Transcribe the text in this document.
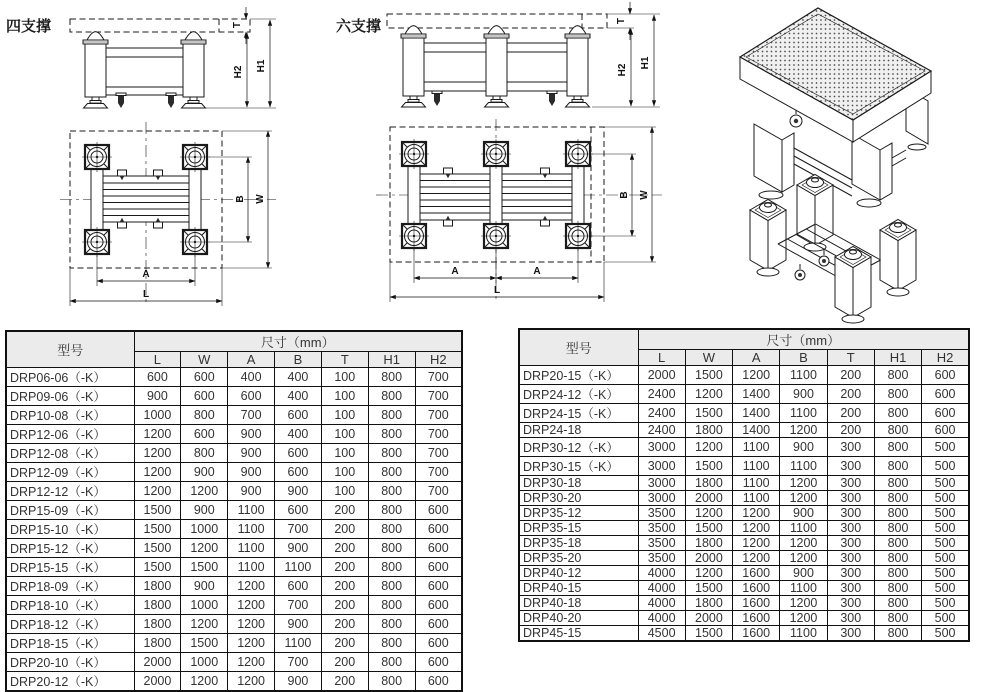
四支撑	T
H2 H1
A
L
B W
六支撑	T
H2
H1
A	A
L
B W
型号	尺寸（mm）						
	L	W	A	B	T	H1	H2
DRP06-06（-K）	600	600	400	400	100	800	700
DRP09-06（-K）	900	600	600	400	100	800	700
DRP10-08（-K）	1000	800	700	600	100	800	700
DRP12-06（-K）	1200	600	900	400	100	800	700
DRP12-08（-K）	1200	800	900	600	100	800	700
DRP12-09（-K）	1200	900	900	600	100	800	700
DRP12-12（-K）	1200	1200	900	900	100	800	700
DRP15-09（-K）	1500	900	1100	600	200	800	600
DRP15-10（-K）	1500	1000	1100	700	200	800	600
DRP15-12（-K）	1500	1200	1100	900	200	800	600
DRP15-15（-K）	1500	1500	1100	1100	200	800	600
DRP18-09（-K）	1800	900	1200	600	200	800	600
DRP18-10（-K）	1800	1000	1200	700	200	800	600
DRP18-12（-K）	1800	1200	1200	900	200	800	600
DRP18-15（-K）	1800	1500	1200	1100	200	800	600
DRP20-10（-K）	2000	1000	1200	700	200	800	600
DRP20-12（-K）	2000	1200	1200	900	200	800	600
型号	尺寸（mm）						
	L	W	A	B	T	H1	H2
DRP20-15（-K）	2000	1500	1200	1100	200	800	600
DRP24-12（-K）	2400	1200	1400	900	200	800	600
DRP24-15（-K）	2400	1500	1400	1100	200	800	600
DRP24-18	2400	1800	1400	1200	200	800	600
DRP30-12（-K）	3000	1200	1100	900	300	800	500
DRP30-15（-K）	3000	1500	1100	1100	300	800	500
DRP30-18	3000	1800	1100	1200	300	800	500
DRP30-20	3000	2000	1100	1200	300	800	500
DRP35-12	3500	1200	1200	900	300	800	500
DRP35-15	3500	1500	1200	1100	300	800	500
DRP35-18	3500	1800	1200	1200	300	800	500
DRP35-20	3500	2000	1200	1200	300	800	500
DRP40-12	4000	1200	1600	900	300	800	500
DRP40-15	4000	1500	1600	1100	300	800	500
DRP40-18	4000	1800	1600	1200	300	800	500
DRP40-20	4000	2000	1600	1200	300	800	500
DRP45-15	4500	1500	1600	1100	300	800	500
